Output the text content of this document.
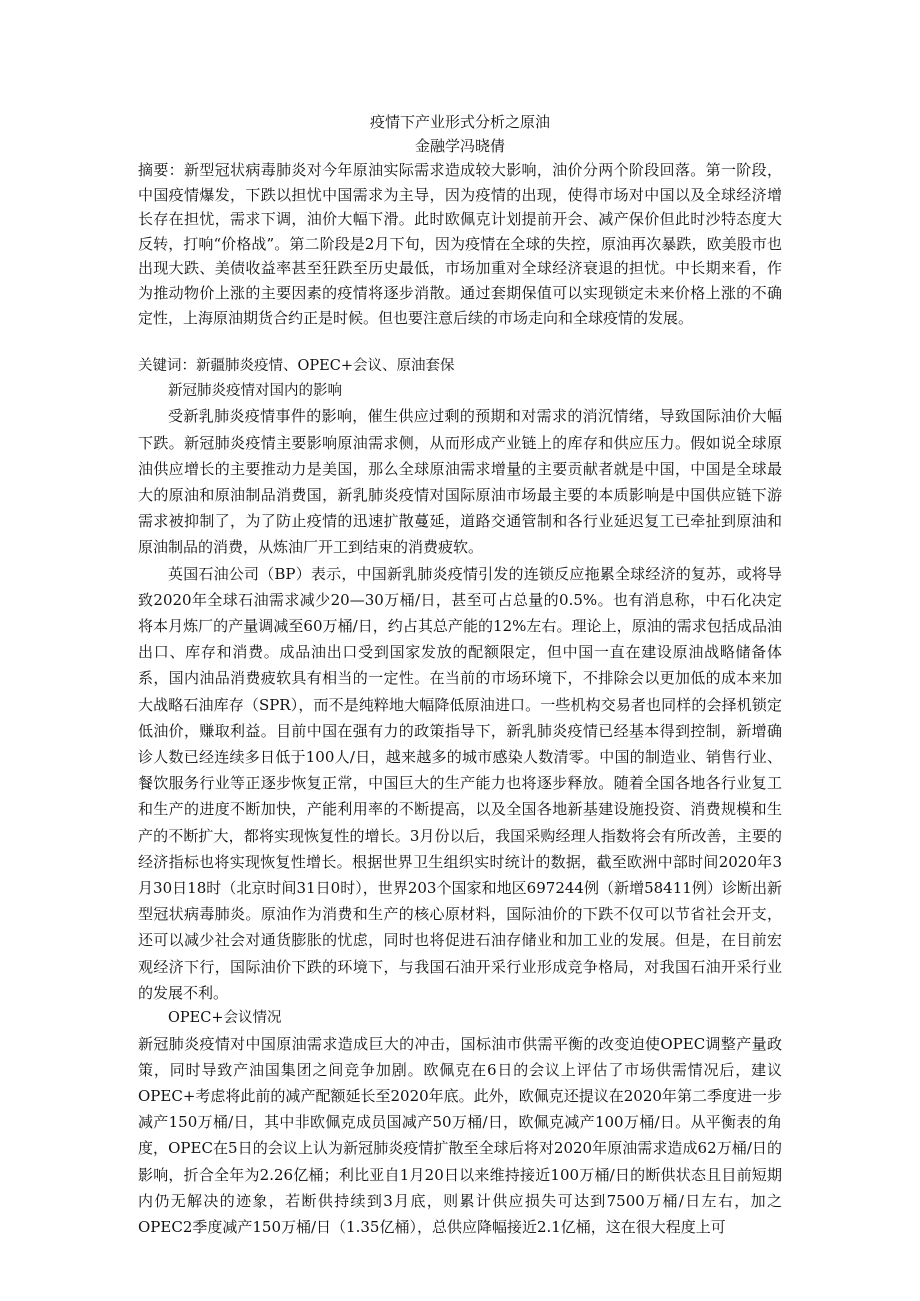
疫情下产业形式分析之原油

金融学冯晓倩

摘要：新型冠状病毒肺炎对今年原油实际需求造成较大影响，油价分两个阶段回落。第一阶段，中国疫情爆发，下跌以担忧中国需求为主导，因为疫情的出现，使得市场对中国以及全球经济增长存在担忧，需求下调，油价大幅下滑。此时欧佩克计划提前开会、减产保价但此时沙特态度大反转，打响“价格战”。第二阶段是2月下旬，因为疫情在全球的失控，原油再次暴跌，欧美股市也出现大跌、美债收益率甚至狂跌至历史最低，市场加重对全球经济衰退的担忧。中长期来看，作为推动物价上涨的主要因素的疫情将逐步消散。通过套期保值可以实现锁定未来价格上涨的不确定性，上海原油期货合约正是时候。但也要注意后续的市场走向和全球疫情的发展。

关键词：新疆肺炎疫情、OPEC+会议、原油套保

新冠肺炎疫情对国内的影响

受新乳肺炎疫情事件的影响，催生供应过剩的预期和对需求的消沉情绪，导致国际油价大幅下跌。新冠肺炎疫情主要影响原油需求侧，从而形成产业链上的库存和供应压力。假如说全球原油供应增长的主要推动力是美国，那么全球原油需求增量的主要贡献者就是中国，中国是全球最大的原油和原油制品消费国，新乳肺炎疫情对国际原油市场最主要的本质影响是中国供应链下游需求被抑制了，为了防止疫情的迅速扩散蔓延，道路交通管制和各行业延迟复工已牵扯到原油和原油制品的消费，从炼油厂开工到结束的消费疲软。

英国石油公司（BP）表示，中国新乳肺炎疫情引发的连锁反应拖累全球经济的复苏，或将导致2020年全球石油需求减少20—30万桶/日，甚至可占总量的0.5%。也有消息称，中石化决定将本月炼厂的产量调减至60万桶/日，约占其总产能的12%左右。理论上，原油的需求包括成品油出口、库存和消费。成品油出口受到国家发放的配额限定，但中国一直在建设原油战略储备体系，国内油品消费疲软具有相当的一定性。在当前的市场环境下，不排除会以更加低的成本来加大战略石油库存（SPR），而不是纯粹地大幅降低原油进口。一些机构交易者也同样的会择机锁定低油价，赚取利益。目前中国在强有力的政策指导下，新乳肺炎疫情已经基本得到控制，新增确诊人数已经连续多日低于100人/日，越来越多的城市感染人数清零。中国的制造业、销售行业、餐饮服务行业等正逐步恢复正常，中国巨大的生产能力也将逐步释放。随着全国各地各行业复工和生产的进度不断加快，产能利用率的不断提高，以及全国各地新基建设施投资、消费规模和生产的不断扩大，都将实现恢复性的增长。3月份以后，我国采购经理人指数将会有所改善，主要的经济指标也将实现恢复性增长。根据世界卫生组织实时统计的数据，截至欧洲中部时间2020年3月30日18时（北京时间31日0时），世界203个国家和地区697244例（新增58411例）诊断出新型冠状病毒肺炎。原油作为消费和生产的核心原材料，国际油价的下跌不仅可以节省社会开支，还可以减少社会对通货膨胀的忧虑，同时也将促进石油存储业和加工业的发展。但是，在目前宏观经济下行，国际油价下跌的环境下，与我国石油开采行业形成竞争格局，对我国石油开采行业的发展不利。

OPEC+会议情况

新冠肺炎疫情对中国原油需求造成巨大的冲击，国标油市供需平衡的改变迫使OPEC调整产量政策，同时导致产油国集团之间竞争加剧。欧佩克在6日的会议上评估了市场供需情况后，建议OPEC+考虑将此前的减产配额延长至2020年底。此外，欧佩克还提议在2020年第二季度进一步减产150万桶/日，其中非欧佩克成员国减产50万桶/日，欧佩克减产100万桶/日。从平衡表的角度，OPEC在5日的会议上认为新冠肺炎疫情扩散至全球后将对2020年原油需求造成62万桶/日的影响，折合全年为2.26亿桶；利比亚自1月20日以来维持接近100万桶/日的断供状态且目前短期内仍无解决的迹象，若断供持续到3月底，则累计供应损失可达到7500万桶/日左右，加之OPEC2季度减产150万桶/日（1.35亿桶），总供应降幅接近2.1亿桶，这在很大程度上可
